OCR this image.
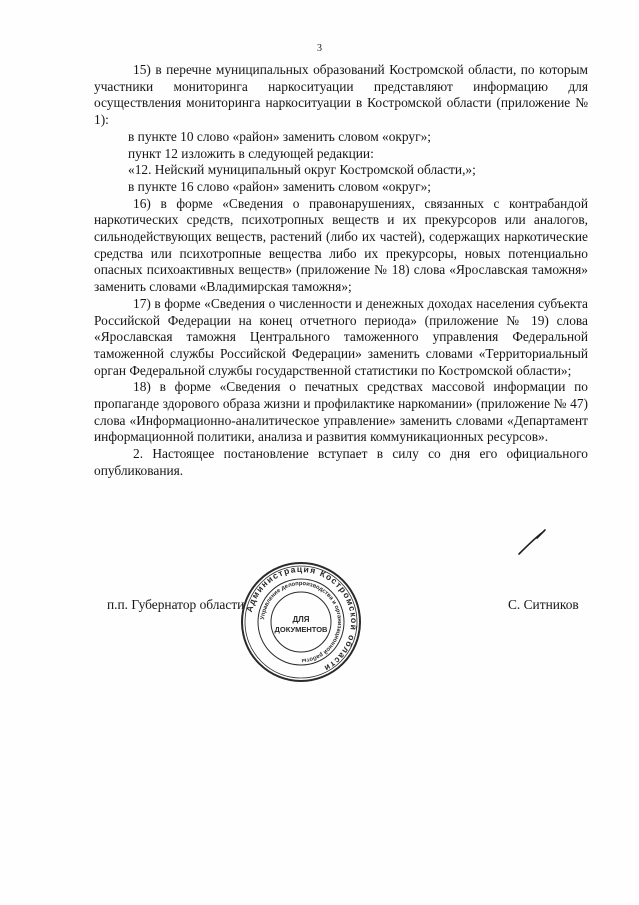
3

15) в перечне муниципальных образований Костромской области, по которым участники мониторинга наркоситуации представляют информацию для осуществления мониторинга наркоситуации в Костромской области (приложение № 1):

в пункте 10 слово «район» заменить словом «округ»;

пункт 12 изложить в следующей редакции:

«12. Нейский муниципальный округ Костромской области,»;

в пункте 16 слово «район» заменить словом «округ»;

16) в форме «Сведения о правонарушениях, связанных с контрабандой наркотических средств, психотропных веществ и их прекурсоров или аналогов, сильнодействующих веществ, растений (либо их частей), содержащих наркотические средства или психотропные вещества либо их прекурсоры, новых потенциально опасных психоактивных веществ» (приложение № 18) слова «Ярославская таможня» заменить словами «Владимирская таможня»;

17) в форме «Сведения о численности и денежных доходах населения субъекта Российской Федерации на конец отчетного периода» (приложение № 19) слова «Ярославская таможня Центрального таможенного управления Федеральной таможенной службы Российской Федерации» заменить словами «Территориальный орган Федеральной службы государственной статистики по Костромской области»;

18) в форме «Сведения о печатных средствах массовой информации по пропаганде здорового образа жизни и профилактике наркомании» (приложение № 47) слова «Информационно-аналитическое управление» заменить словами «Департамент информационной политики, анализа и развития коммуникационных ресурсов».

2. Настоящее постановление вступает в силу со дня его официального опубликования.

п.п. Губернатор области	С. Ситников
Администрация Костромской области
Управление делопроизводства и организационной работы
ДЛЯ
ДОКУМЕНТОВ
